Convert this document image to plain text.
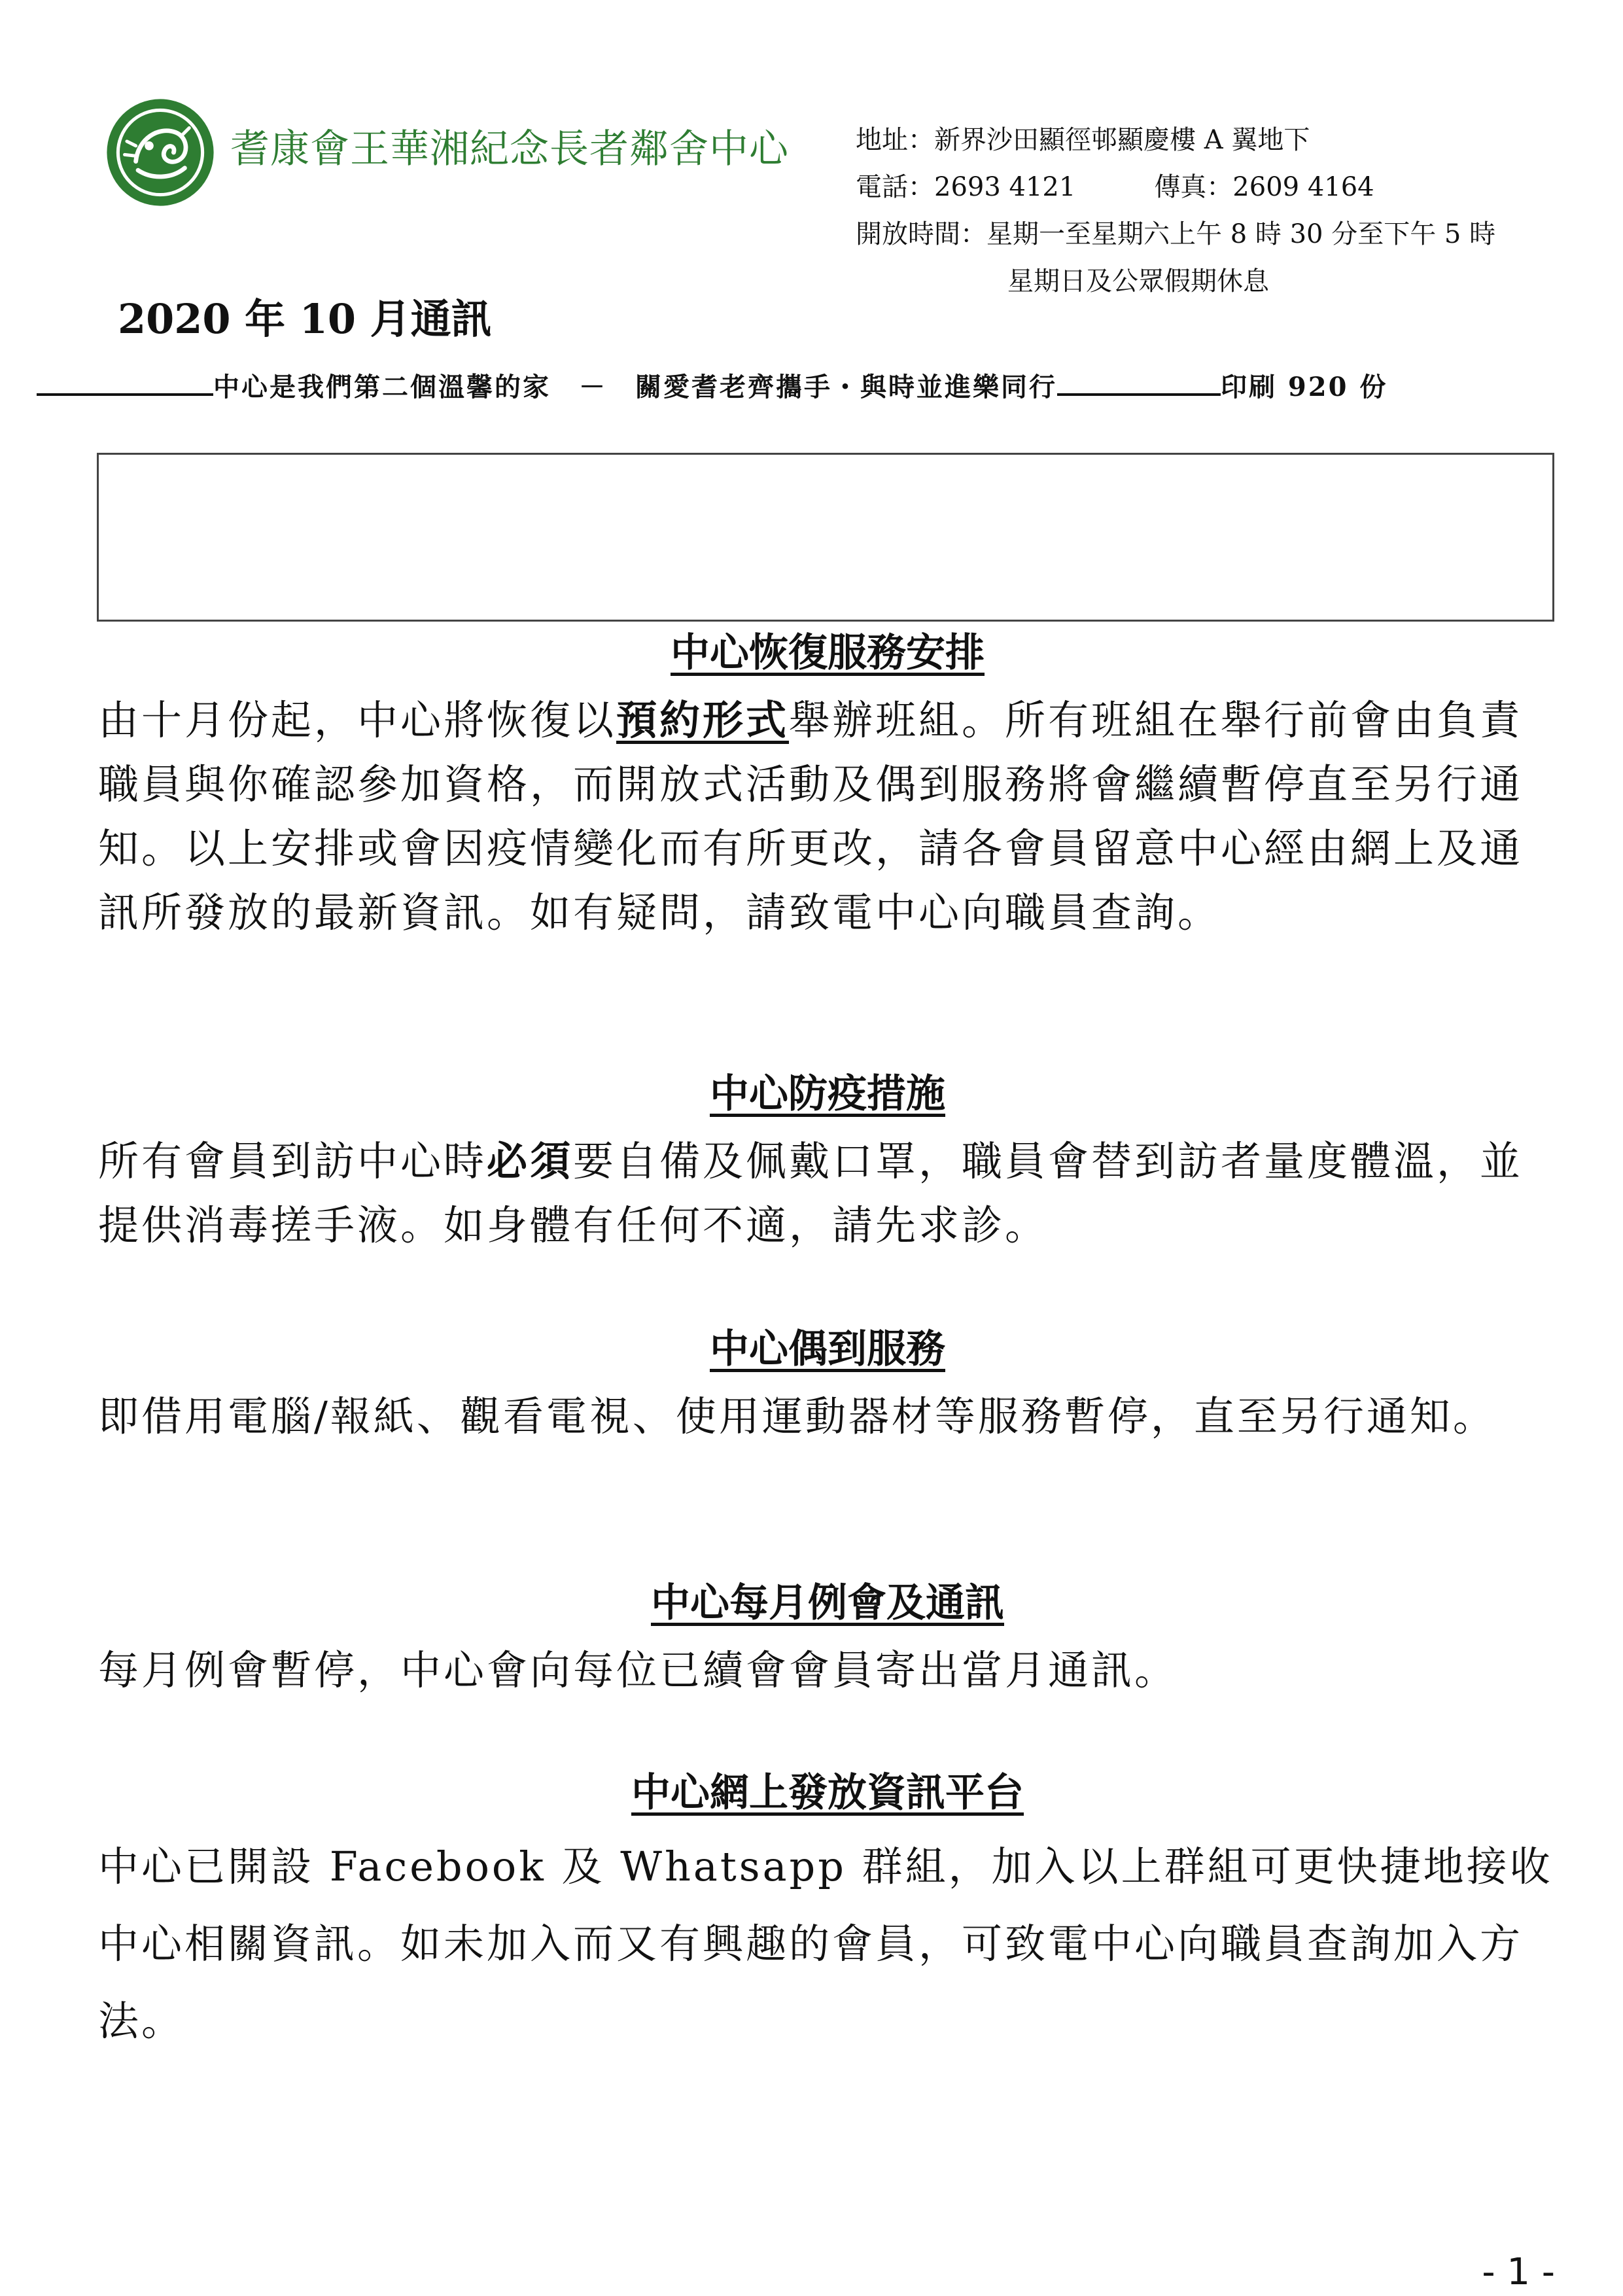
耆康會王華湘紀念長者鄰舍中心	地址：新界沙田顯徑邨顯慶樓 A 翼地下
電話：2693 4121	傳真：2609 4164
開放時間：星期一至星期六上午 8 時 30 分至下午 5 時
星期日及公眾假期休息
2020 年 10 月通訊
中心是我們第二個溫馨的家　－　關愛耆老齊攜手・與時並進樂同行	印刷 920 份
中心恢復服務安排

由十月份起，中心將恢復以預約形式舉辦班組。所有班組在舉行前會由負責職員與你確認參加資格，而開放式活動及偶到服務將會繼續暫停直至另行通知。以上安排或會因疫情變化而有所更改，請各會員留意中心經由網上及通訊所發放的最新資訊。如有疑問，請致電中心向職員查詢。

中心防疫措施

所有會員到訪中心時必須要自備及佩戴口罩，職員會替到訪者量度體溫，並提供消毒搓手液。如身體有任何不適，請先求診。

中心偶到服務

即借用電腦/報紙、觀看電視、使用運動器材等服務暫停，直至另行通知。

中心每月例會及通訊

每月例會暫停，中心會向每位已續會會員寄出當月通訊。

中心網上發放資訊平台

中心已開設 Facebook 及 Whatsapp 群組，加入以上群組可更快捷地接收中心相關資訊。如未加入而又有興趣的會員，可致電中心向職員查詢加入方法。

- 1 -
